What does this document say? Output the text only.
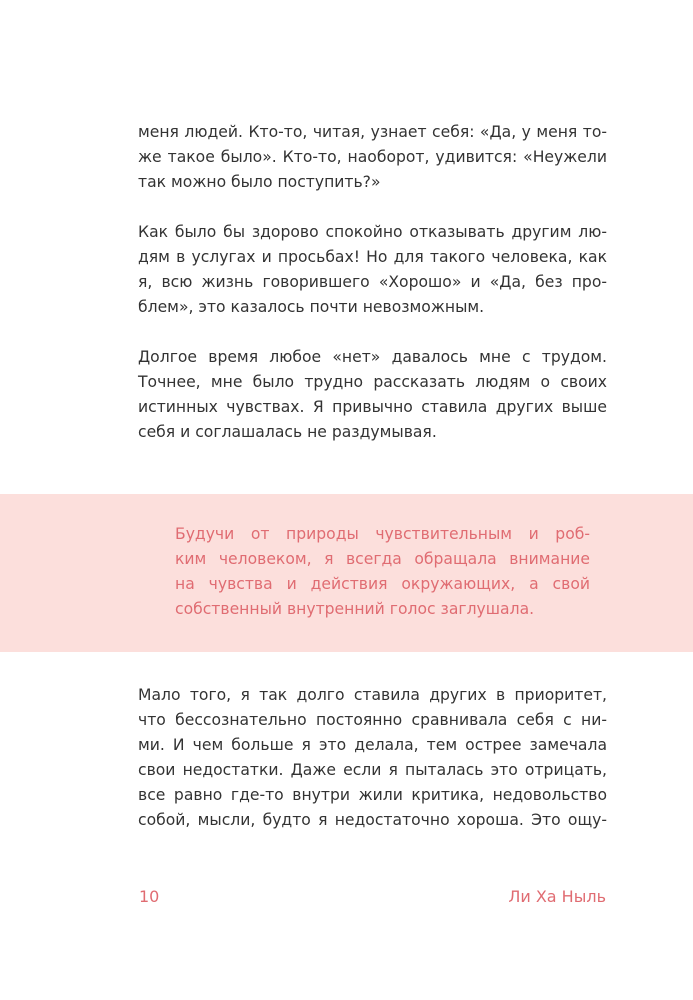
меня людей. Кто-то, читая, узнает себя: «Да, у меня то-
же такое было». Кто-то, наоборот, удивится: «Неужели
так можно было поступить?»
Как было бы здорово спокойно отказывать другим лю-
дям в услугах и просьбах! Но для такого человека, как
я, всю жизнь говорившего «Хорошо» и «Да, без про-
блем», это казалось почти невозможным.
Долгое время любое «нет» давалось мне с трудом.
Точнее, мне было трудно рассказать людям о своих
истинных чувствах. Я привычно ставила других выше
себя и соглашалась не раздумывая.
Будучи от природы чувствительным и роб-
ким человеком, я всегда обращала внимание
на чувства и действия окружающих, а свой
собственный внутренний голос заглушала.
Мало того, я так долго ставила других в приоритет,
что бессознательно постоянно сравнивала себя с ни-
ми. И чем больше я это делала, тем острее замечала
свои недостатки. Даже если я пыталась это отрицать,
все равно где-то внутри жили критика, недовольство
собой, мысли, будто я недостаточно хороша. Это ощу-
10	Ли Ха Ныль
